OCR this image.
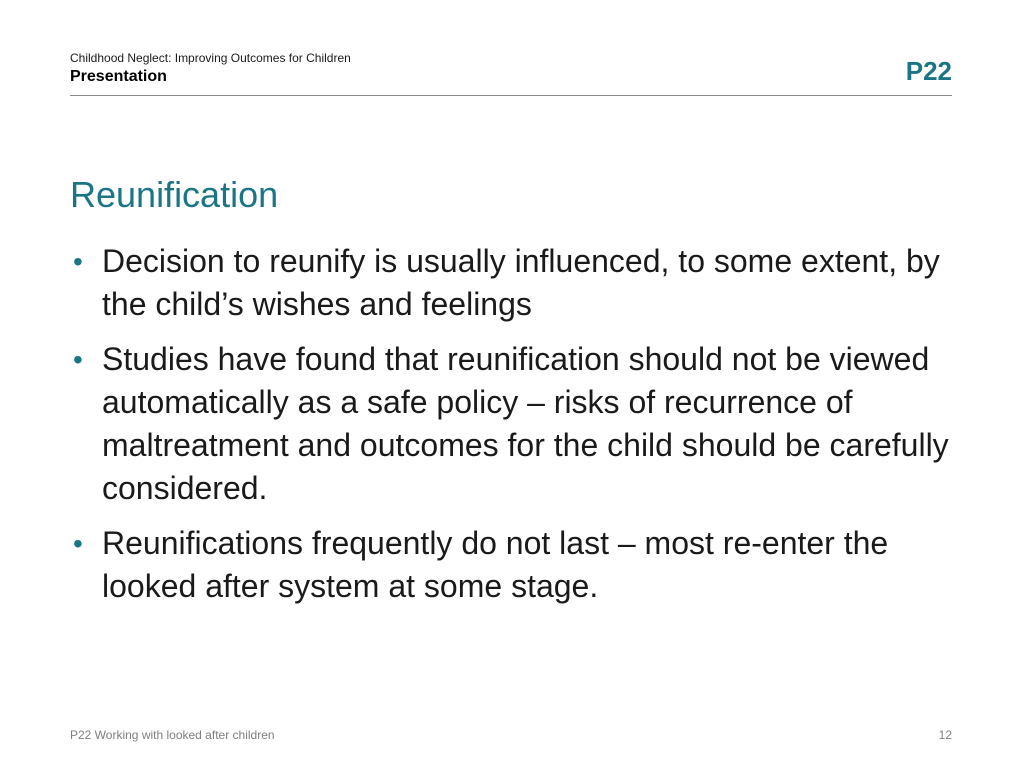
Childhood Neglect: Improving Outcomes for Children
Presentation	P22
Reunification
• Decision to reunify is usually influenced, to some extent, by the child’s wishes and feelings
• Studies have found that reunification should not be viewed automatically as a safe policy – risks of recurrence of maltreatment and outcomes for the child should be carefully considered.
• Reunifications frequently do not last – most re-enter the looked after system at some stage.
P22 Working with looked after children	12
